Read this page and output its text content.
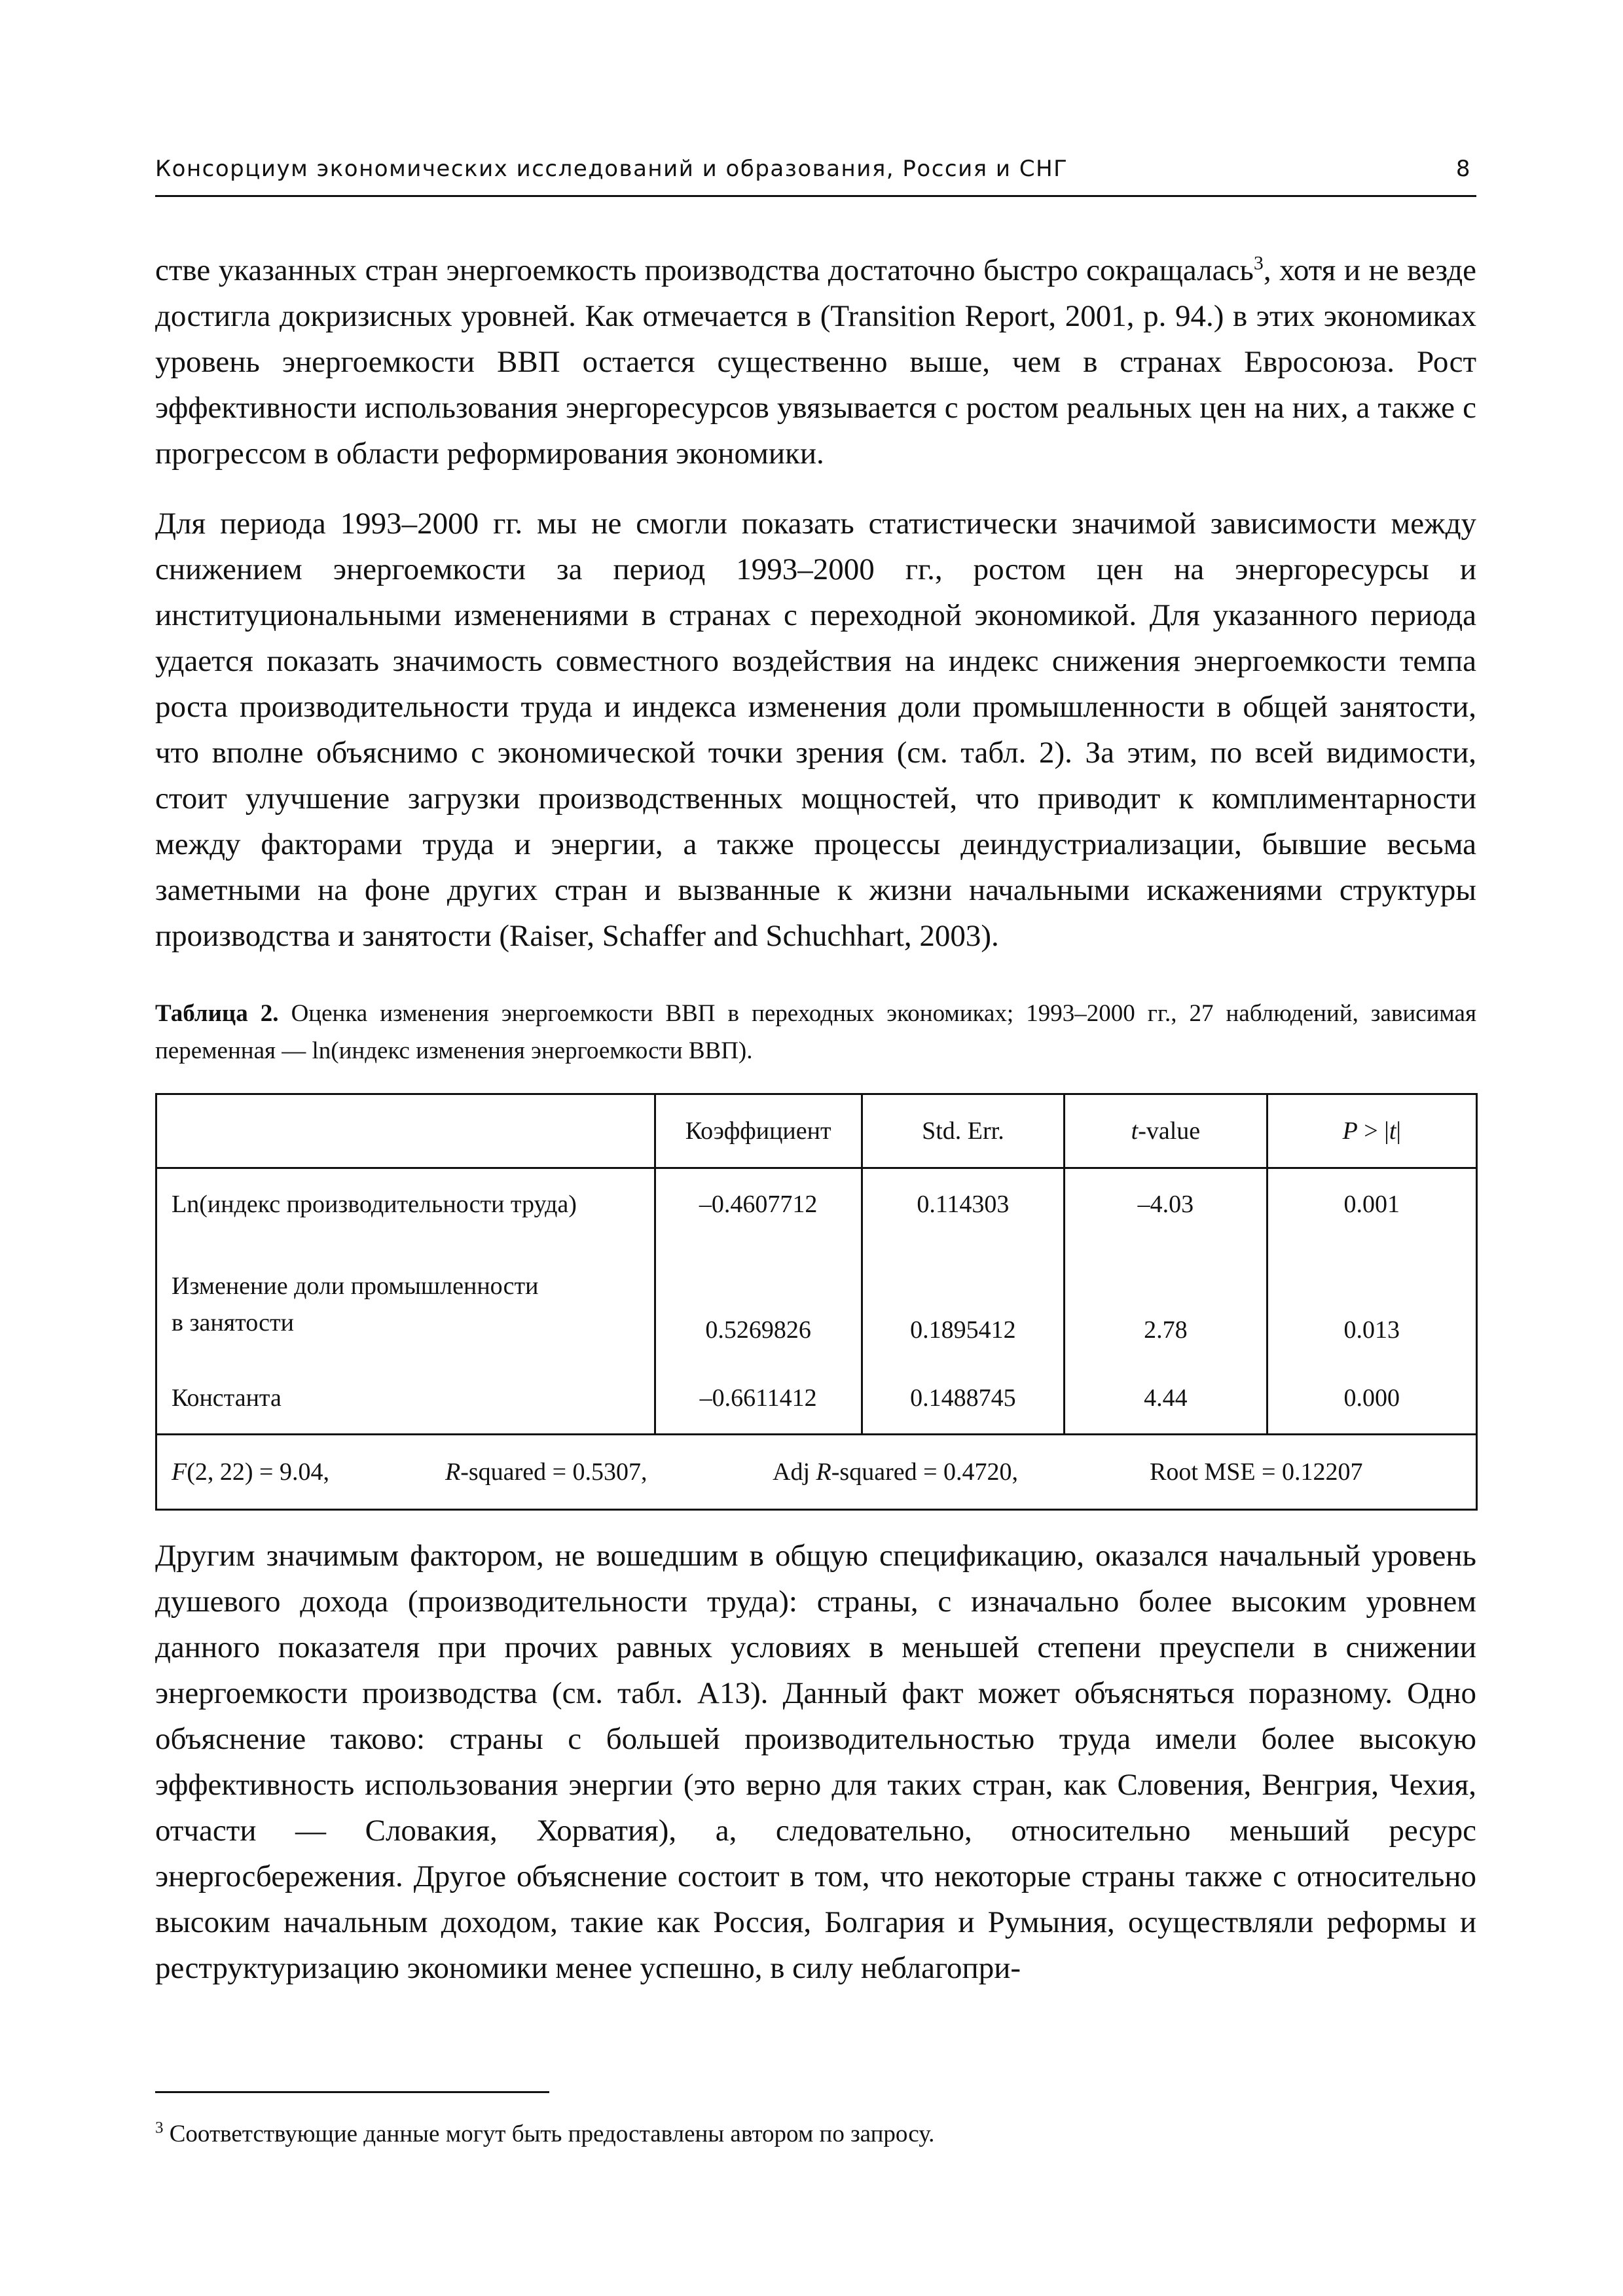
Консорциум экономических исследований и образования, Россия и СНГ	8

стве указанных стран энергоемкость производства достаточно быстро сокращалась$^3$, хотя и не везде достигла докризисных уровней. Как отмечается в (Transition Report, 2001, p. 94.) в этих экономиках уровень энергоемкости ВВП остается существенно выше, чем в странах Евросоюза. Рост эффективности использования энергоресурсов увязывается с ростом реальных цен на них, а также с прогрессом в области реформирования экономики.

Для периода 1993–2000 гг. мы не смогли показать статистически значимой зависимости между снижением энергоемкости за период 1993–2000 гг., ростом цен на энергоресурсы и институциональными изменениями в странах с переходной экономикой. Для указанного периода удается показать значимость совместного воздействия на индекс снижения энергоемкости темпа роста производительности труда и индекса изменения доли промышленности в общей занятости, что вполне объяснимо с экономической точки зрения (см. табл. 2). За этим, по всей видимости, стоит улучшение загрузки производственных мощностей, что приводит к комплиментарности между факторами труда и энергии, а также процессы деиндустриализации, бывшие весьма заметными на фоне других стран и вызванные к жизни начальными искажениями структуры производства и занятости (Raiser, Schaffer and Schuchhart, 2003).

Таблица 2. Оценка изменения энергоемкости ВВП в переходных экономиках; 1993–2000 гг., 27 наблюдений, зависимая переменная — ln(индекс изменения энергоемкости ВВП).
	Коэффициент	Std. Err.	t-value	P > |t|
Ln(индекс производительности труда)	–0.4607712	0.114303	–4.03	0.001
Изменение доли промышленности
в занятости	0.5269826	0.1895412	2.78	0.013
Константа	–0.6611412	0.1488745	4.44	0.000

F(2, 22) = 9.04, R-squared = 0.5307, Adj R-squared = 0.4720, Root MSE = 0.12207				

Другим значимым фактором, не вошедшим в общую спецификацию, оказался начальный уровень душевого дохода (производительности труда): страны, с изначально более высоким уровнем данного показателя при прочих равных условиях в меньшей степени преуспели в снижении энергоемкости производства (см. табл. A13). Данный факт может объясняться поразному. Одно объяснение таково: страны с большей производительностью труда имели более высокую эффективность использования энергии (это верно для таких стран, как Словения, Венгрия, Чехия, отчасти — Словакия, Хорватия), а, следовательно, относительно меньший ресурс энергосбережения. Другое объяснение состоит в том, что некоторые страны также с относительно высоким начальным доходом, такие как Россия, Болгария и Румыния, осуществляли реформы и реструктуризацию экономики менее успешно, в силу неблагопри-

$^3$ Соответствующие данные могут быть предоставлены автором по запросу.
